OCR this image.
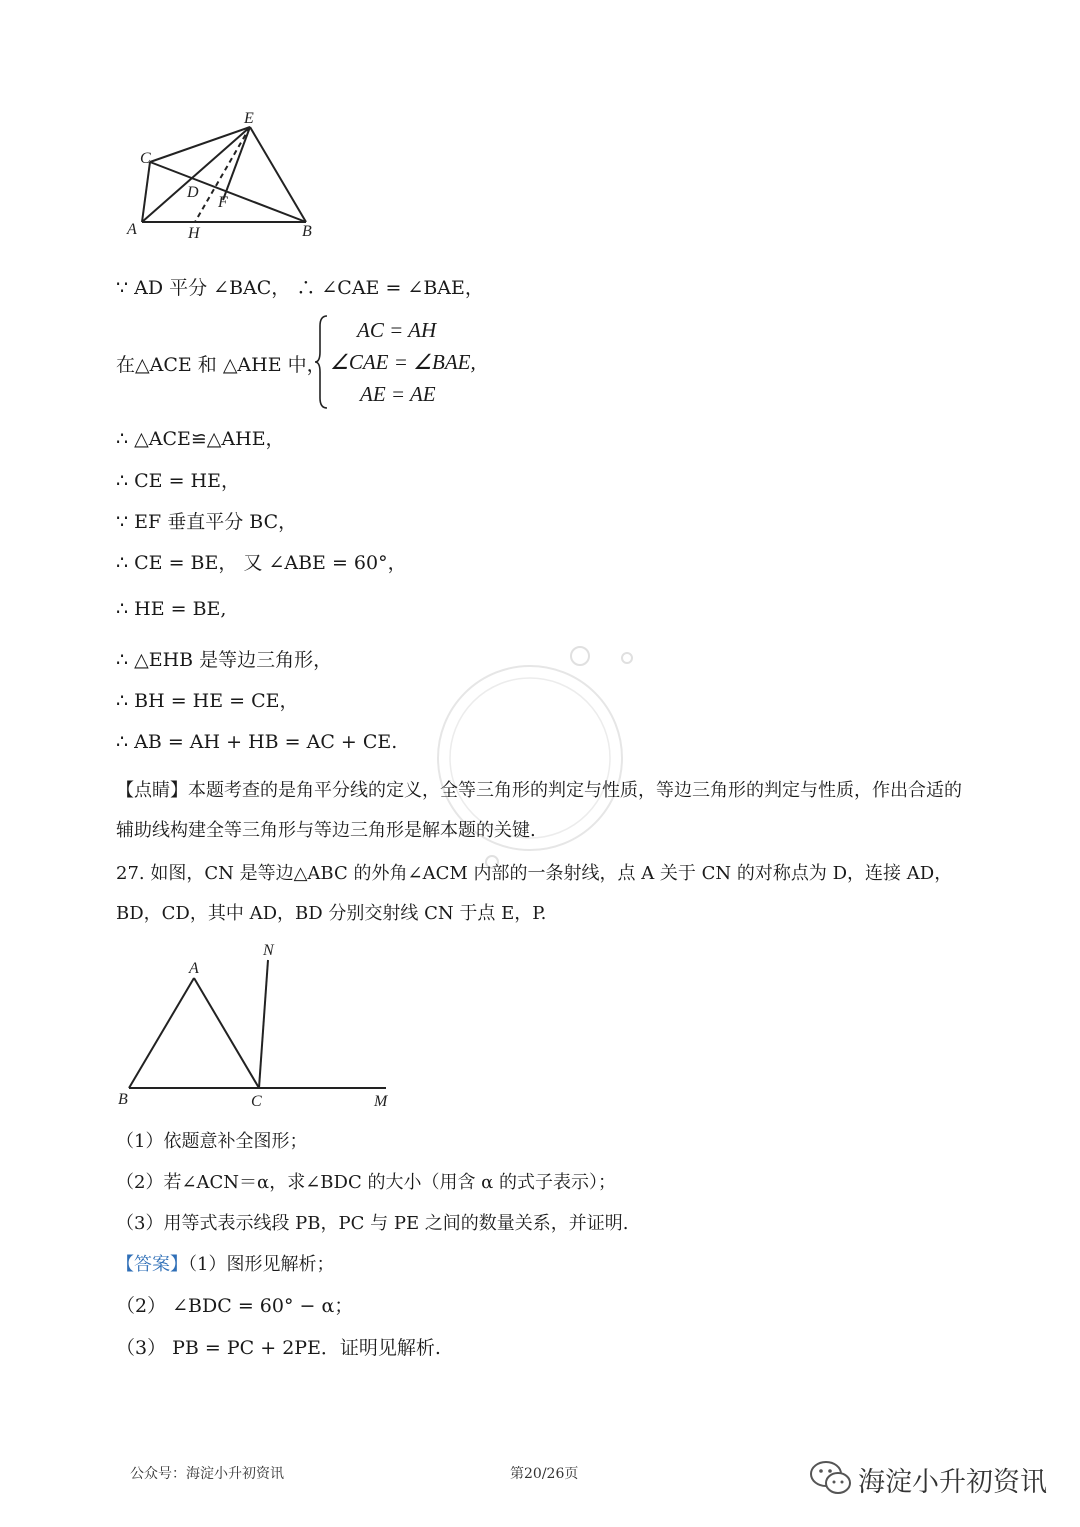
E
C
D
F
A	H	B
∵ AD 平分 ∠BAC， ∴ ∠CAE = ∠BAE，
在△ACE 和 △AHE 中，
AC = AH
∠CAE = ∠BAE,
AE = AE
∴ △ACE≌△AHE，
∴ CE = HE，
∵ EF 垂直平分 BC，
∴ CE = BE， 又 ∠ABE = 60°，
∴ HE = BE,
∴ △EHB 是等边三角形，
∴ BH = HE = CE，
∴ AB = AH + HB = AC + CE.
【点睛】本题考查的是角平分线的定义，全等三角形的判定与性质，等边三角形的判定与性质，作出合适的辅助线构建全等三角形与等边三角形是解本题的关键.
27. 如图，CN 是等边△ABC 的外角∠ACM 内部的一条射线，点 A 关于 CN 的对称点为 D，连接 AD，BD，CD，其中 AD，BD 分别交射线 CN 于点 E，P.
A
N
B	C	M
（1）依题意补全图形；
（2）若∠ACN＝α，求∠BDC 的大小（用含 α 的式子表示）；
（3）用等式表示线段 PB，PC 与 PE 之间的数量关系，并证明.
【答案】（1）图形见解析；
（2） ∠BDC = 60° − α；
（3） PB = PC + 2PE．证明见解析.
公众号：海淀小升初资讯	第20/26页	海淀小升初资讯
